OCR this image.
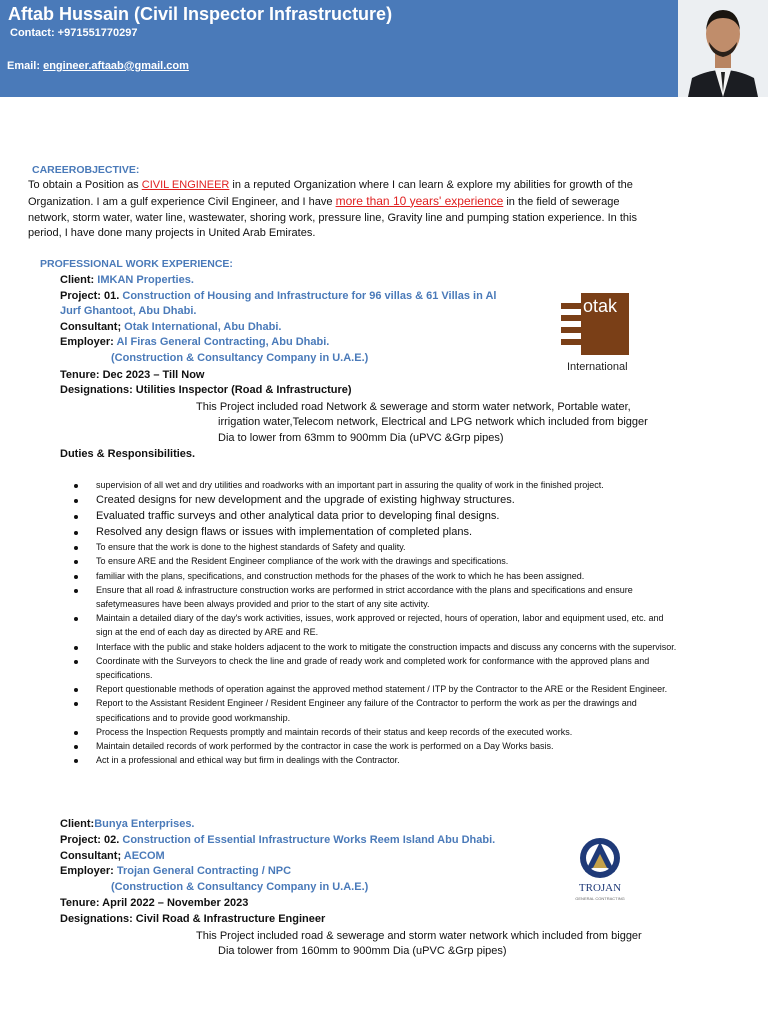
Aftab Hussain (Civil Inspector Infrastructure)
Contact: +971551770297
Email: engineer.aftaab@gmail.com
CAREEROBJECTIVE:
To obtain a Position as CIVIL ENGINEER in a reputed Organization where I can learn & explore my abilities for growth of the Organization. I am a gulf experience Civil Engineer, and I have more than 10 years' experience in the field of sewerage network, storm water, water line, wastewater, shoring work, pressure line, Gravity line and pumping station experience. In this period, I have done many projects in United Arab Emirates.
PROFESSIONAL WORK EXPERIENCE:
Client: IMKAN Properties.
Project: 01. Construction of Housing and Infrastructure for 96 villas & 61 Villas in Al
Jurf Ghantoot, Abu Dhabi.
Consultant; Otak International, Abu Dhabi.
Employer: Al Firas General Contracting, Abu Dhabi.
(Construction & Consultancy Company in U.A.E.)
Tenure: Dec 2023 – Till Now
Designations: Utilities Inspector (Road & Infrastructure)
This Project included road Network & sewerage and storm water network, Portable water,
irrigation water,Telecom network, Electrical and LPG network which included from bigger
Dia to lower from 63mm to 900mm Dia (uPVC &Grp pipes)
Duties & Responsibilities.
supervision of all wet and dry utilities and roadworks with an important part in assuring the quality of work in the finished project.
Created designs for new development and the upgrade of existing highway structures.
Evaluated traffic surveys and other analytical data prior to developing final designs.
Resolved any design flaws or issues with implementation of completed plans.
To ensure that the work is done to the highest standards of Safety and quality.
To ensure ARE and the Resident Engineer compliance of the work with the drawings and specifications.
familiar with the plans, specifications, and construction methods for the phases of the work to which he has been assigned.
Ensure that all road & infrastructure construction works are performed in strict accordance with the plans and specifications and ensure safetymeasures have been always provided and prior to the start of any site activity.
Maintain a detailed diary of the day's work activities, issues, work approved or rejected, hours of operation, labor and equipment used, etc. and sign at the end of each day as directed by ARE and RE.
Interface with the public and stake holders adjacent to the work to mitigate the construction impacts and discuss any concerns with the supervisor.
Coordinate with the Surveyors to check the line and grade of ready work and completed work for conformance with the approved plans and specifications.
Report questionable methods of operation against the approved method statement / ITP by the Contractor to the ARE or the Resident Engineer.
Report to the Assistant Resident Engineer / Resident Engineer any failure of the Contractor to perform the work as per the drawings and specifications and to provide good workmanship.
Process the Inspection Requests promptly and maintain records of their status and keep records of the executed works.
Maintain detailed records of work performed by the contractor in case the work is performed on a Day Works basis.
Act in a professional and ethical way but firm in dealings with the Contractor.
otak
International
Client:Bunya Enterprises.
Project: 02. Construction of Essential Infrastructure Works Reem Island Abu Dhabi.
Consultant; AECOM
Employer: Trojan General Contracting / NPC
(Construction & Consultancy Company in U.A.E.)
Tenure: April 2022 – November 2023
Designations: Civil Road & Infrastructure Engineer
This Project included road & sewerage and storm water network which included from bigger
Dia tolower from 160mm to 900mm Dia (uPVC &Grp pipes)
TROJAN
GENERAL CONTRACTING
